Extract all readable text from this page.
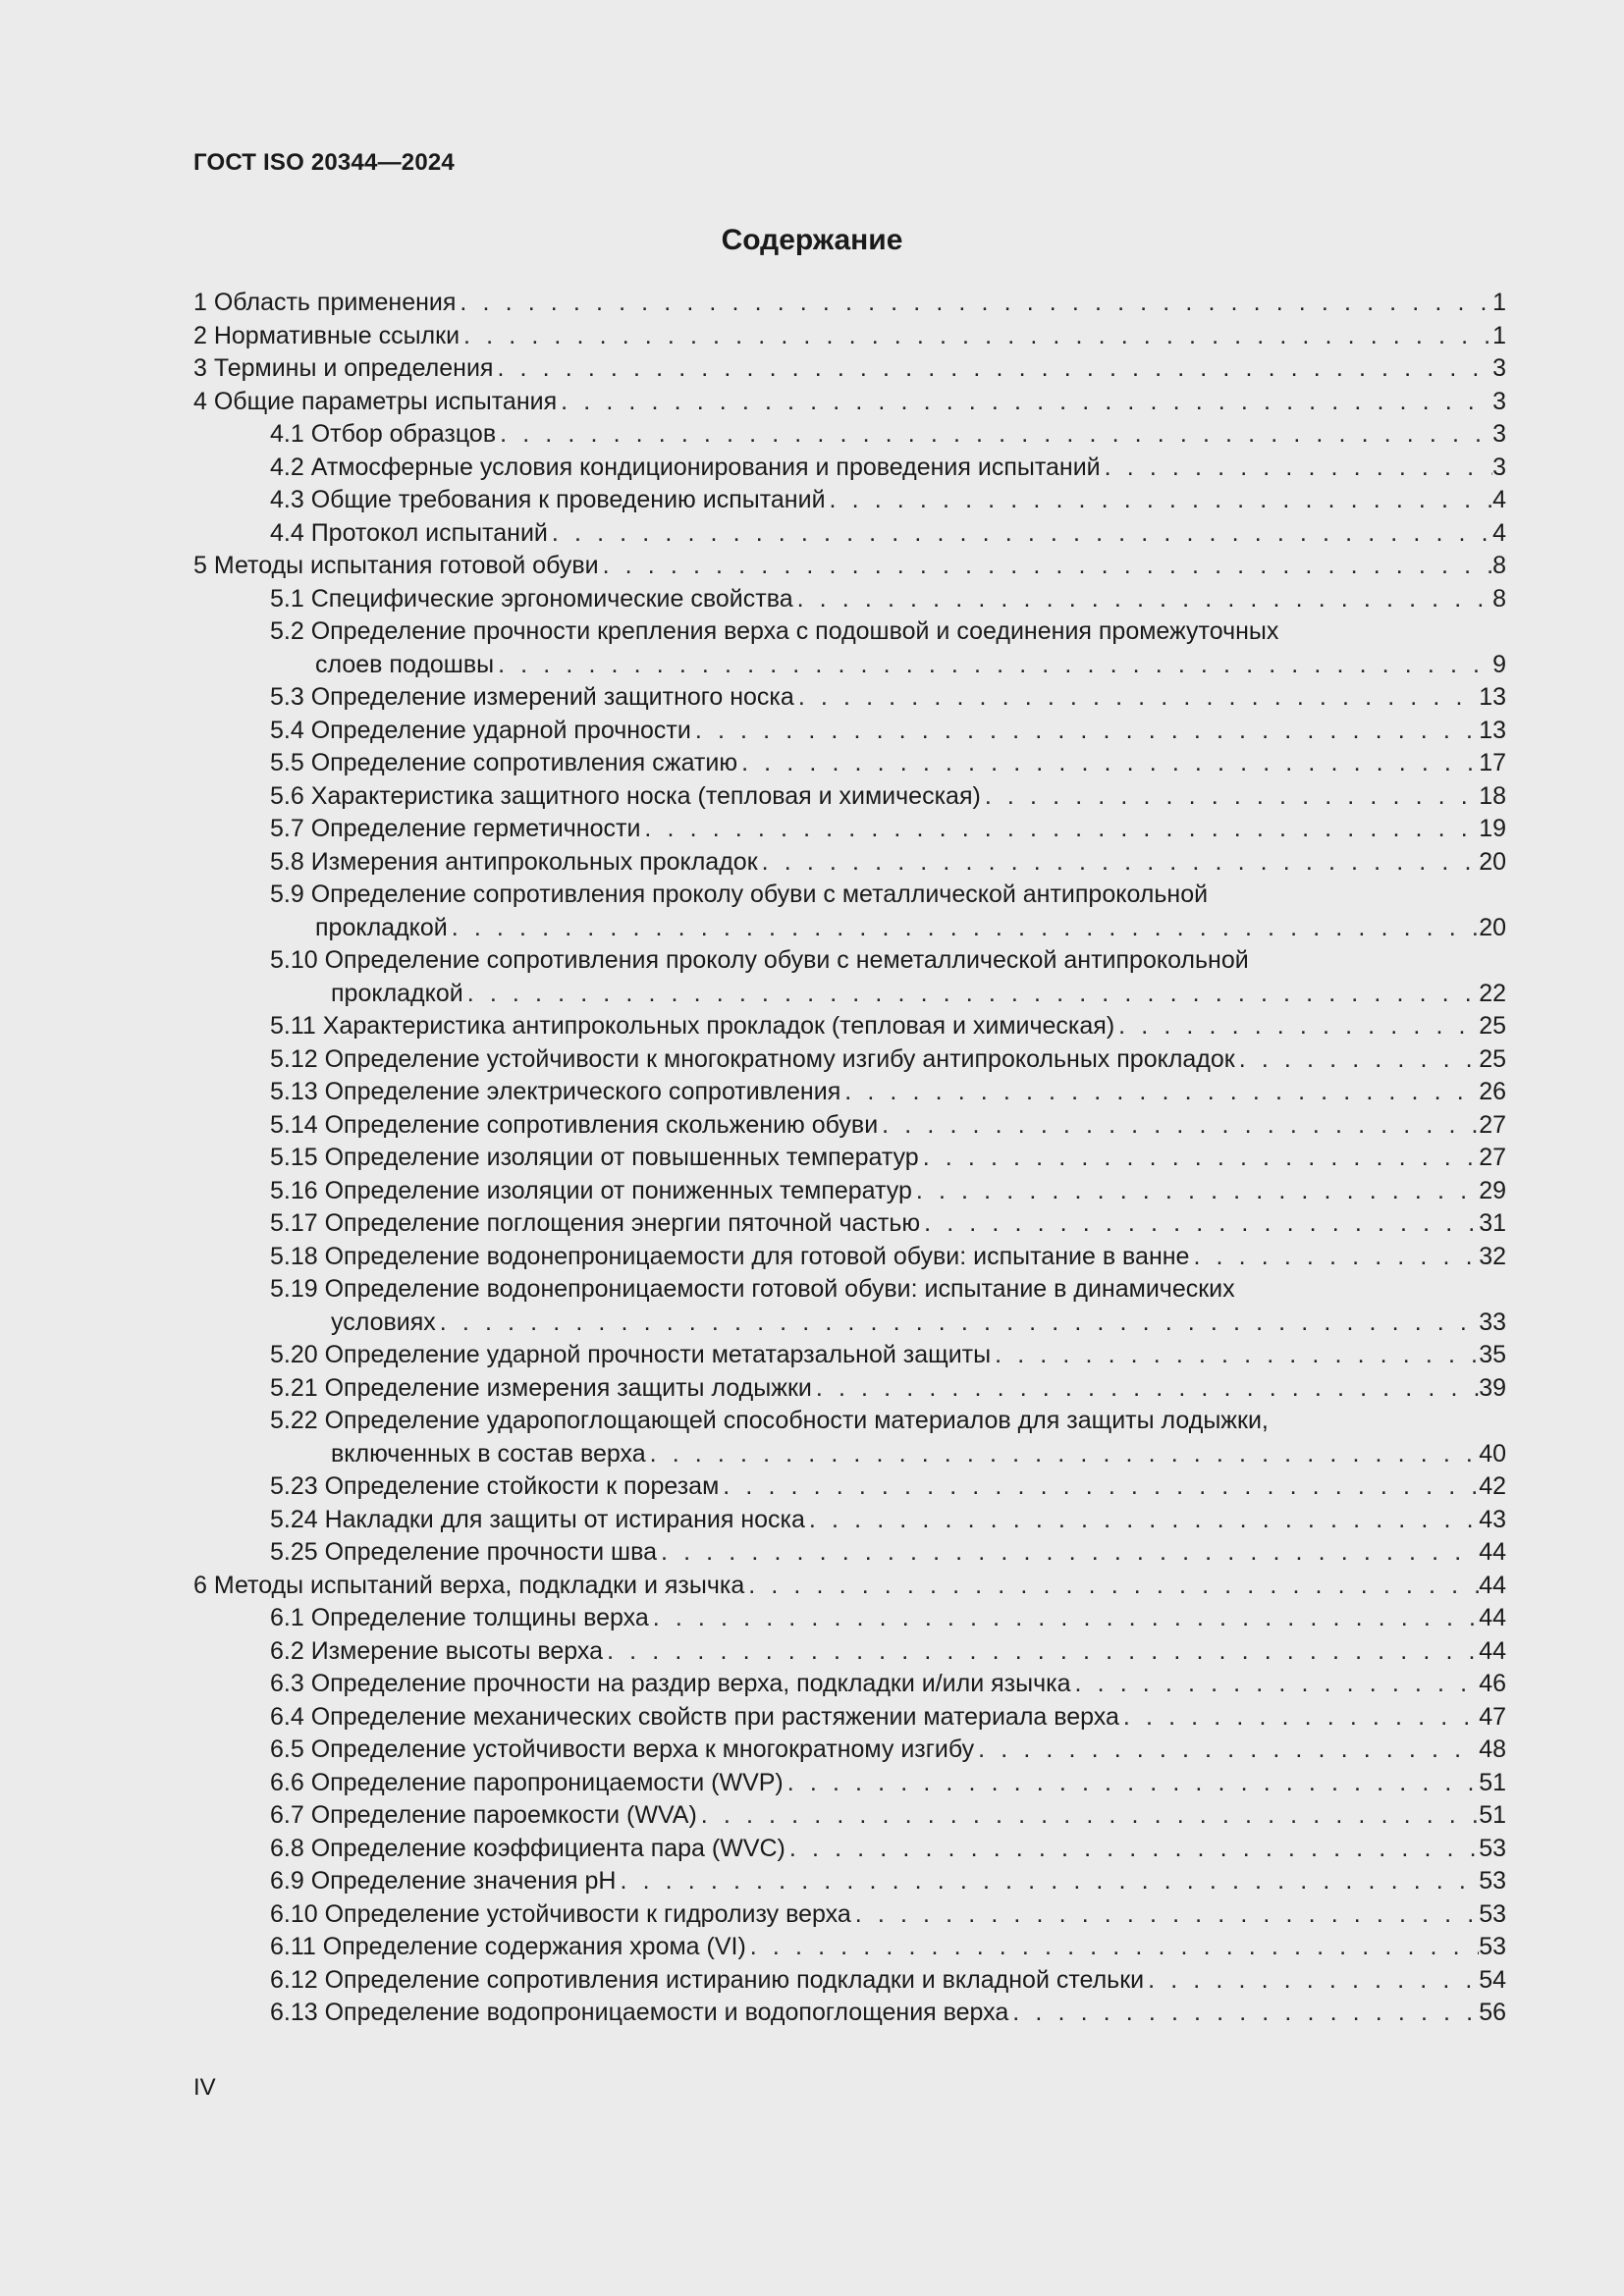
ГОСТ ISO 20344—2024
Содержание
1 Область применения . . .	1
2 Нормативные ссылки . . .	1
3 Термины и определения . . .	3
4 Общие параметры испытания . . .	3
4.1 Отбор образцов . . .	3
4.2 Атмосферные условия кондиционирования и проведения испытаний . . .	3
4.3 Общие требования к проведению испытаний . . .	4
4.4 Протокол испытаний . . .	4
5 Методы испытания готовой обуви . . .	8
5.1 Специфические эргономические свойства . . .	8
5.2 Определение прочности крепления верха с подошвой и соединения промежуточных
слоев подошвы . . .	9
5.3 Определение измерений защитного носка . . .	13
5.4 Определение ударной прочности . . .	13
5.5 Определение сопротивления сжатию . . .	17
5.6 Характеристика защитного носка (тепловая и химическая) . . .	18
5.7 Определение герметичности . . .	19
5.8 Измерения антипрокольных прокладок . . .	20
5.9 Определение сопротивления проколу обуви с металлической антипрокольной
прокладкой . . .	20
5.10 Определение сопротивления проколу обуви с неметаллической антипрокольной
прокладкой . . .	22
5.11 Характеристика антипрокольных прокладок (тепловая и химическая) . . .	25
5.12 Определение устойчивости к многократному изгибу антипрокольных прокладок . . .	25
5.13 Определение электрического сопротивления . . .	26
5.14 Определение сопротивления скольжению обуви . . .	27
5.15 Определение изоляции от повышенных температур . . .	27
5.16 Определение изоляции от пониженных температур . . .	29
5.17 Определение поглощения энергии пяточной частью . . .	31
5.18 Определение водонепроницаемости для готовой обуви: испытание в ванне . . .	32
5.19 Определение водонепроницаемости готовой обуви: испытание в динамических
условиях . . .	33
5.20 Определение ударной прочности метатарзальной защиты . . .	35
5.21 Определение измерения защиты лодыжки . . .	39
5.22 Определение ударопоглощающей способности материалов для защиты лодыжки,
включенных в состав верха . . .	40
5.23 Определение стойкости к порезам . . .	42
5.24 Накладки для защиты от истирания носка . . .	43
5.25 Определение прочности шва . . .	44
6 Методы испытаний верха, подкладки и язычка . . .	44
6.1 Определение толщины верха . . .	44
6.2 Измерение высоты верха . . .	44
6.3 Определение прочности на раздир верха, подкладки и/или язычка . . .	46
6.4 Определение механических свойств при растяжении материала верха . . .	47
6.5 Определение устойчивости верха к многократному изгибу . . .	48
6.6 Определение паропроницаемости (WVP) . . .	51
6.7 Определение пароемкости (WVA) . . .	51
6.8 Определение коэффициента пара (WVC) . . .	53
6.9 Определение значения pH . . .	53
6.10 Определение устойчивости к гидролизу верха . . .	53
6.11 Определение содержания хрома (VI) . . .	53
6.12 Определение сопротивления истиранию подкладки и вкладной стельки . . .	54
6.13 Определение водопроницаемости и водопоглощения верха . . .	56
IV
